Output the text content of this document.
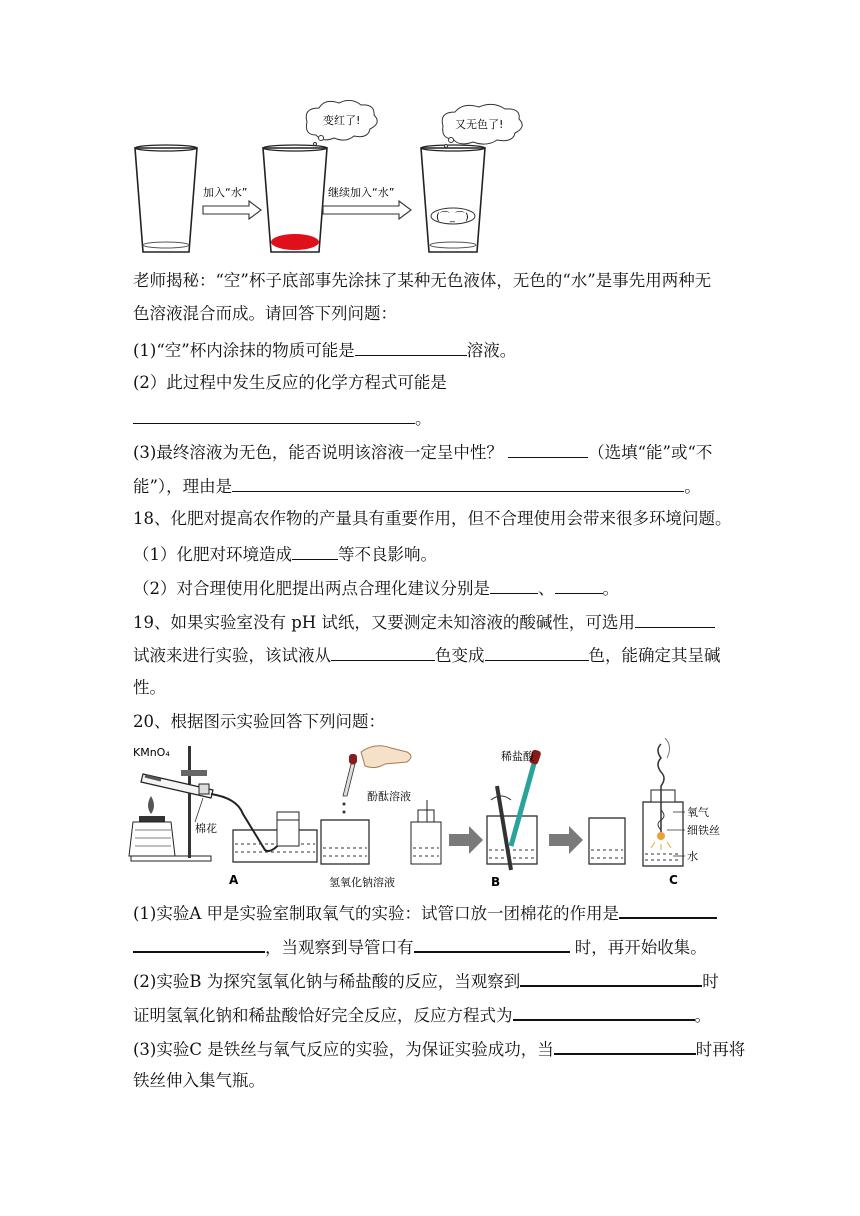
加入“水”
变红了!
继续加入“水”
(⌒_⌒)
又无色了!
老师揭秘：“空”杯子底部事先涂抹了某种无色液体，无色的“水”是事先用两种无
色溶液混合而成。请回答下列问题：
(1)“空”杯内涂抹的物质可能是	溶液。
(2）此过程中发生反应的化学方程式可能是
。
(3)最终溶液为无色，能否说明该溶液一定呈中性？	（选填“能”或“不
能”），理由是	。
18、化肥对提高农作物的产量具有重要作用，但不合理使用会带来很多环境问题。
（1）化肥对环境造成	等不良影响。
（2）对合理使用化肥提出两点合理化建议分别是	、	。
19、如果实验室没有 pH 试纸，又要测定未知溶液的酸碱性，可选用
试液来进行实验，该试液从	色变成	色，能确定其呈碱
性。
20、根据图示实验回答下列问题：
KMnO₄
棉花
A
酚酞溶液
氢氧化钠溶液
稀盐酸
B
氧气
细铁丝
水
C
(1)实验A 甲是实验室制取氧气的实验：试管口放一团棉花的作用是
，当观察到导管口有	时，再开始收集。
(2)实验B 为探究氢氧化钠与稀盐酸的反应，当观察到	时
证明氢氧化钠和稀盐酸恰好完全反应，反应方程式为	。
(3)实验C 是铁丝与氧气反应的实验，为保证实验成功，当	时再将
铁丝伸入集气瓶。
